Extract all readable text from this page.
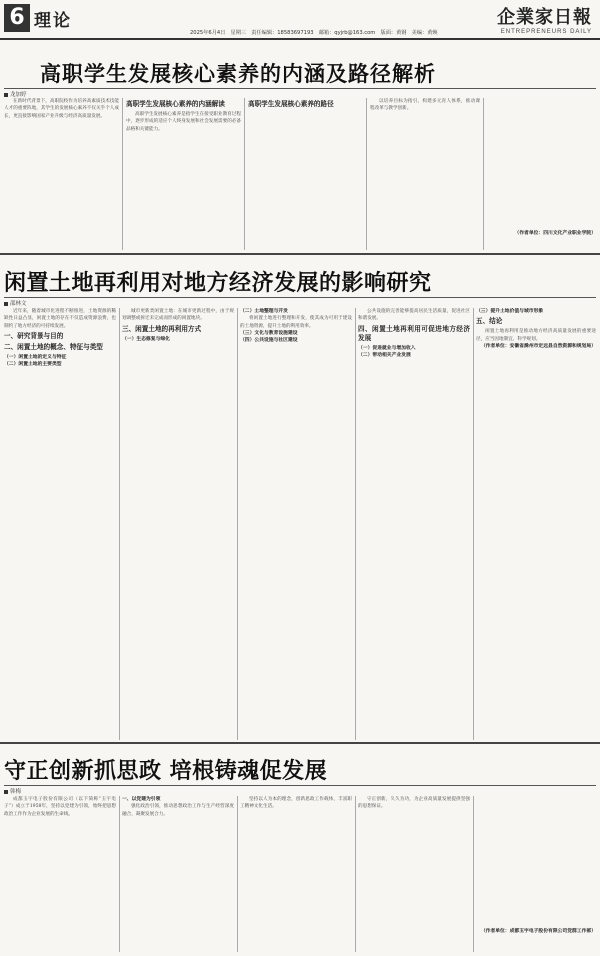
6 理论	企業家日報
ENTREPRENEURS DAILY
2025年6月4日　星期三　责任编辑：18583697193　邮箱：qyjrb@163.com　版面：黄钢　美编：黄焕
高职学生发展核心素养的内涵及路径解析
龙加婷

在新时代背景下，高职院校作为培养高素质技术技能人才的重要阵地，其学生的发展核心素养不仅关乎个人成长，更直接影响国家产业升级与经济高质量发展。

高职学生发展核心素养的内涵解读

高职学生发展核心素养是指学生在接受职业教育过程中，逐步形成的适应个人终身发展和社会发展需要的必备品格和关键能力。

高职学生发展核心素养的路径	以培养目标为指引，构建多元育人体系，推动课程改革与教学创新。

（作者单位：四川文化产业职业学院）
闲置土地再利用对地方经济发展的影响研究
邵林文

近年来，随着城市化进程不断推进，土地资源的稀缺性日益凸显，闲置土地的存在不仅造成资源浪费，也制约了地方经济的可持续发展。

一、研究背景与目的
二、闲置土地的概念、特征与类型
（一）闲置土地的定义与特征
（二）闲置土地的主要类型

城市更新类闲置土地：在城市更新过程中，由于规划调整或拆迁未完成而形成的闲置地块。

三、闲置土地的再利用方式
（一）生态修复与绿化
（二）土地整理与开发

将闲置土地进行整理和开发，使其成为可用于建设的土地资源，提升土地的利用效率。

（三）文化与教育设施建设
（四）公共设施与社区建设

公共设施的完善能够提高居民生活质量，促进社区和谐发展。

四、闲置土地再利用可促进地方经济发展
（一）促进就业与增加收入
（二）带动相关产业发展
（三）提升土地价值与城市形象
五、结论

闲置土地再利用是推动地方经济高质量发展的重要途径，应当因地制宜、科学规划。

（作者单位：安徽省滁州市定远县自然资源和规划局）
守正创新抓思政 培根铸魂促发展
韩梅

成都玉宇电子股份有限公司（以下简称“玉宇电子”）成立于1958年，坚持以党建为引领，始终把思想政治工作作为企业发展的生命线。

一、以党建为引领

强化政治引领，推动思想政治工作与生产经营深度融合，凝聚发展合力。

坚持以人为本的理念，创新思政工作载体，丰富职工精神文化生活。

守正创新，久久为功，为企业高质量发展提供坚强的思想保证。

（作者单位：成都玉宇电子股份有限公司党群工作部）
